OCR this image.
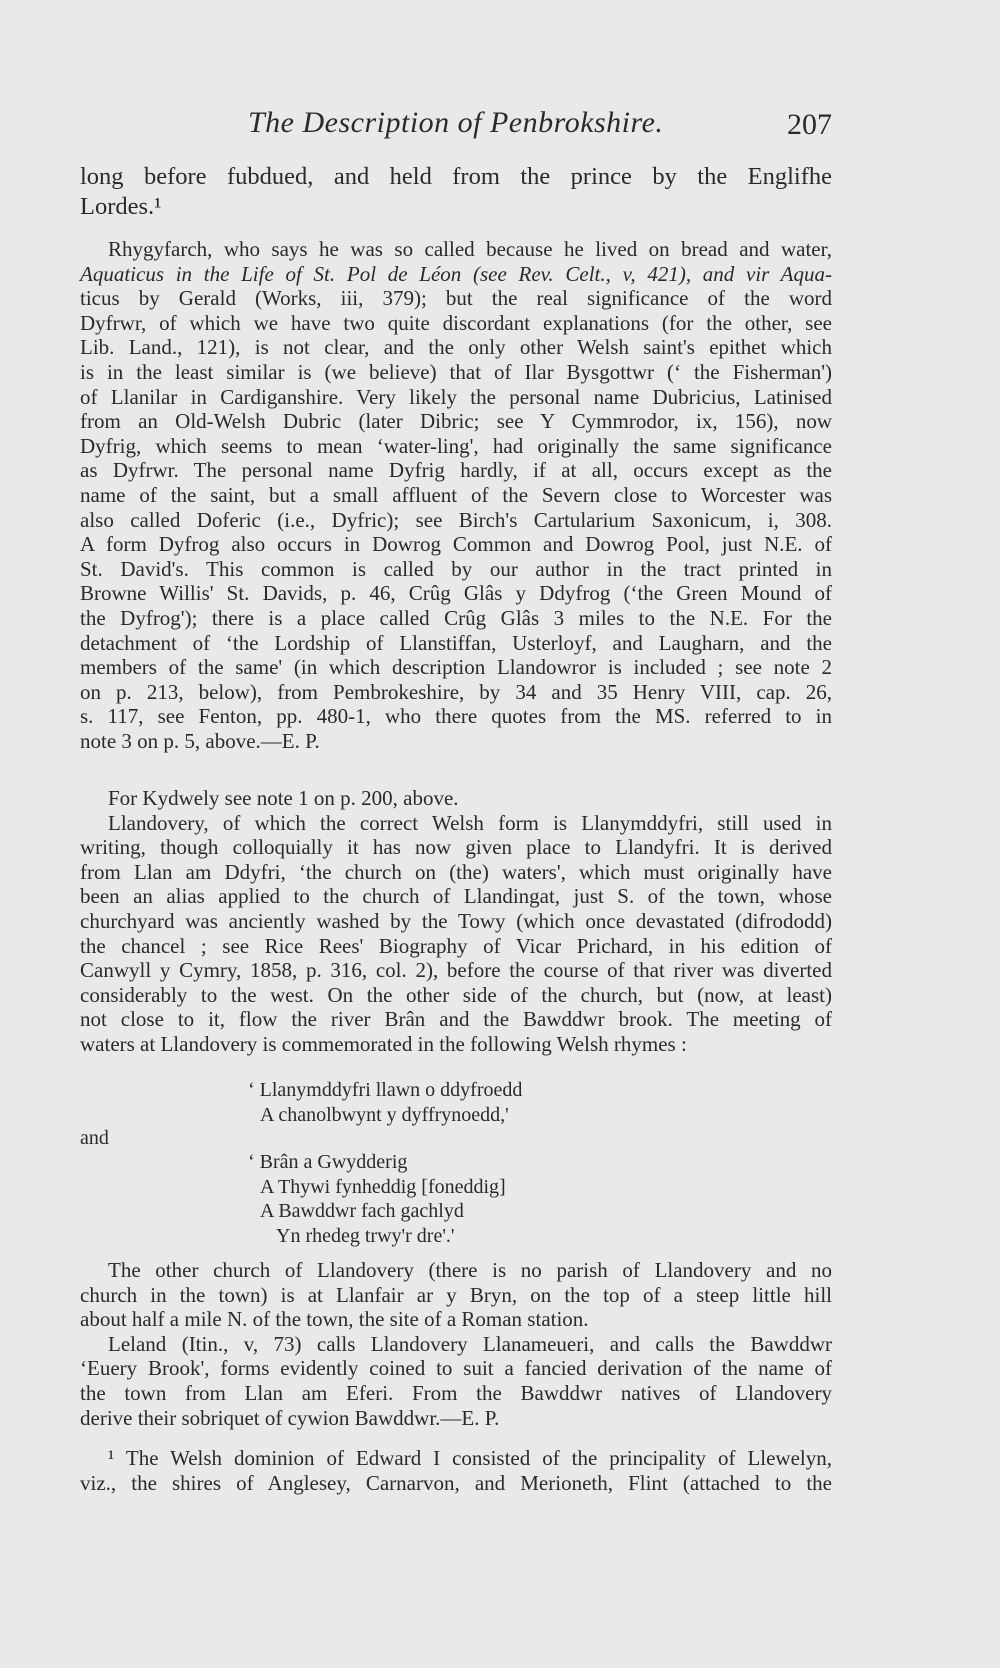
The Description of Penbrokshire.	207
long before fubdued, and held from the prince by the Englifhe
Lordes.¹
Rhygyfarch, who says he was so called because he lived on bread and water,
Aquaticus in the Life of St. Pol de Léon (see Rev. Celt., v, 421), and vir Aqua-
ticus by Gerald (Works, iii, 379); but the real significance of the word
Dyfrwr, of which we have two quite discordant explanations (for the other, see
Lib. Land., 121), is not clear, and the only other Welsh saint's epithet which
is in the least similar is (we believe) that of Ilar Bysgottwr (‘ the Fisherman')
of Llanilar in Cardiganshire. Very likely the personal name Dubricius, Latinised
from an Old-Welsh Dubric (later Dibric; see Y Cymmrodor, ix, 156), now
Dyfrig, which seems to mean ‘water-ling', had originally the same significance
as Dyfrwr. The personal name Dyfrig hardly, if at all, occurs except as the
name of the saint, but a small affluent of the Severn close to Worcester was
also called Doferic (i.e., Dyfric); see Birch's Cartularium Saxonicum, i, 308.
A form Dyfrog also occurs in Dowrog Common and Dowrog Pool, just N.E. of
St. David's. This common is called by our author in the tract printed in
Browne Willis' St. Davids, p. 46, Crûg Glâs y Ddyfrog (‘the Green Mound of
the Dyfrog'); there is a place called Crûg Glâs 3 miles to the N.E. For the
detachment of ‘the Lordship of Llanstiffan, Usterloyf, and Laugharn, and the
members of the same' (in which description Llandowror is included ; see note 2
on p. 213, below), from Pembrokeshire, by 34 and 35 Henry VIII, cap. 26,
s. 117, see Fenton, pp. 480-1, who there quotes from the MS. referred to in
note 3 on p. 5, above.—E. P.
For Kydwely see note 1 on p. 200, above.
Llandovery, of which the correct Welsh form is Llanymddyfri, still used in
writing, though colloquially it has now given place to Llandyfri. It is derived
from Llan am Ddyfri, ‘the church on (the) waters', which must originally have
been an alias applied to the church of Llandingat, just S. of the town, whose
churchyard was anciently washed by the Towy (which once devastated (difrododd)
the chancel ; see Rice Rees' Biography of Vicar Prichard, in his edition of
Canwyll y Cymry, 1858, p. 316, col. 2), before the course of that river was diverted
considerably to the west. On the other side of the church, but (now, at least)
not close to it, flow the river Brân and the Bawddwr brook. The meeting of
waters at Llandovery is commemorated in the following Welsh rhymes :
‘ Llanymddyfri llawn o ddyfroedd
A chanolbwynt y dyffrynoedd,'
and
‘ Brân a Gwydderig
A Thywi fynheddig [foneddig]
A Bawddwr fach gachlyd
Yn rhedeg trwy'r dre'.'
The other church of Llandovery (there is no parish of Llandovery and no
church in the town) is at Llanfair ar y Bryn, on the top of a steep little hill
about half a mile N. of the town, the site of a Roman station.
Leland (Itin., v, 73) calls Llandovery Llanameueri, and calls the Bawddwr
‘Euery Brook', forms evidently coined to suit a fancied derivation of the name of
the town from Llan am Eferi. From the Bawddwr natives of Llandovery
derive their sobriquet of cywion Bawddwr.—E. P.
¹ The Welsh dominion of Edward I consisted of the principality of Llewelyn,
viz., the shires of Anglesey, Carnarvon, and Merioneth, Flint (attached to the
